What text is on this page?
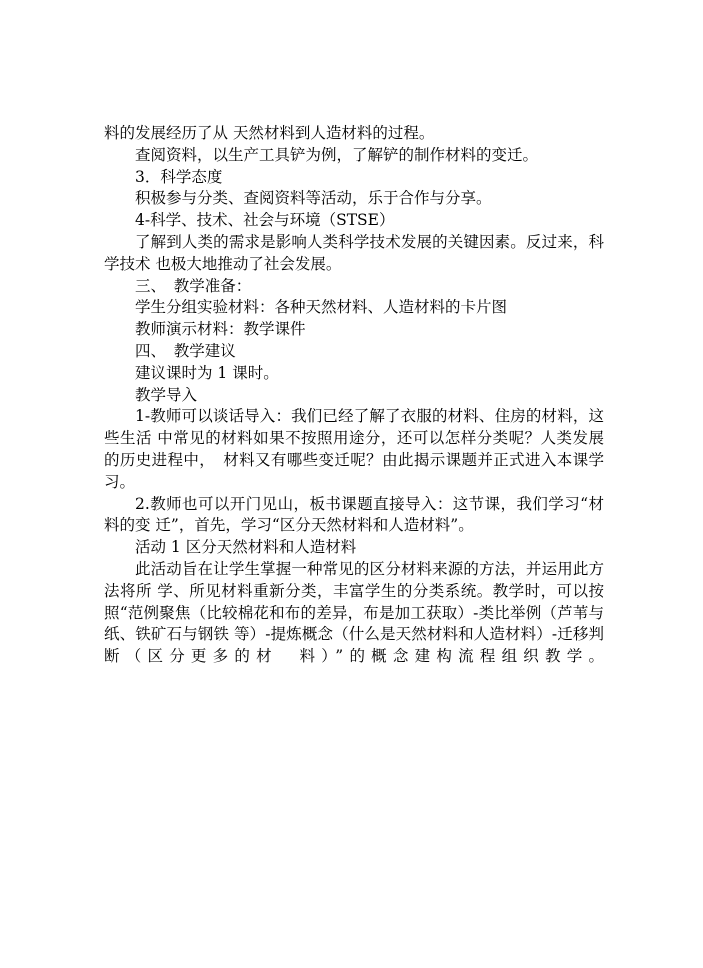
料的发展经历了从 天然材料到人造材料的过程。

查阅资料，以生产工具铲为例，了解铲的制作材料的变迁。

3．科学态度

积极参与分类、查阅资料等活动，乐于合作与分享。

4-科学、技术、社会与环境（STSE）

了解到人类的需求是影响人类科学技术发展的关键因素。反过来，科学技术 也极大地推动了社会发展。

三、　教学准备：

学生分组实验材料：各种天然材料、人造材料的卡片图

教师演示材料：教学课件

四、　教学建议

建议课时为 1 课时。

教学导入

1-教师可以谈话导入：我们已经了解了衣服的材料、住房的材料，这些生活 中常见的材料如果不按照用途分，还可以怎样分类呢？人类发展的历史进程中，　材料又有哪些变迁呢？由此揭示课题并正式进入本课学习。

2.教师也可以开门见山，板书课题直接导入：这节课，我们学习“材料的变 迁”，首先，学习“区分天然材料和人造材料”。

活动 1 区分天然材料和人造材料

此活动旨在让学生掌握一种常见的区分材料来源的方法，并运用此方法将所 学、所见材料重新分类，丰富学生的分类系统。教学时，可以按照“范例聚焦（比较棉花和布的差异，布是加工获取）-类比举例（芦苇与纸、铁矿石与钢铁 等）-提炼概念（什么是天然材料和人造材料）-迁移判断（区分更多的材　料）”的概念建构流程组织教学。
